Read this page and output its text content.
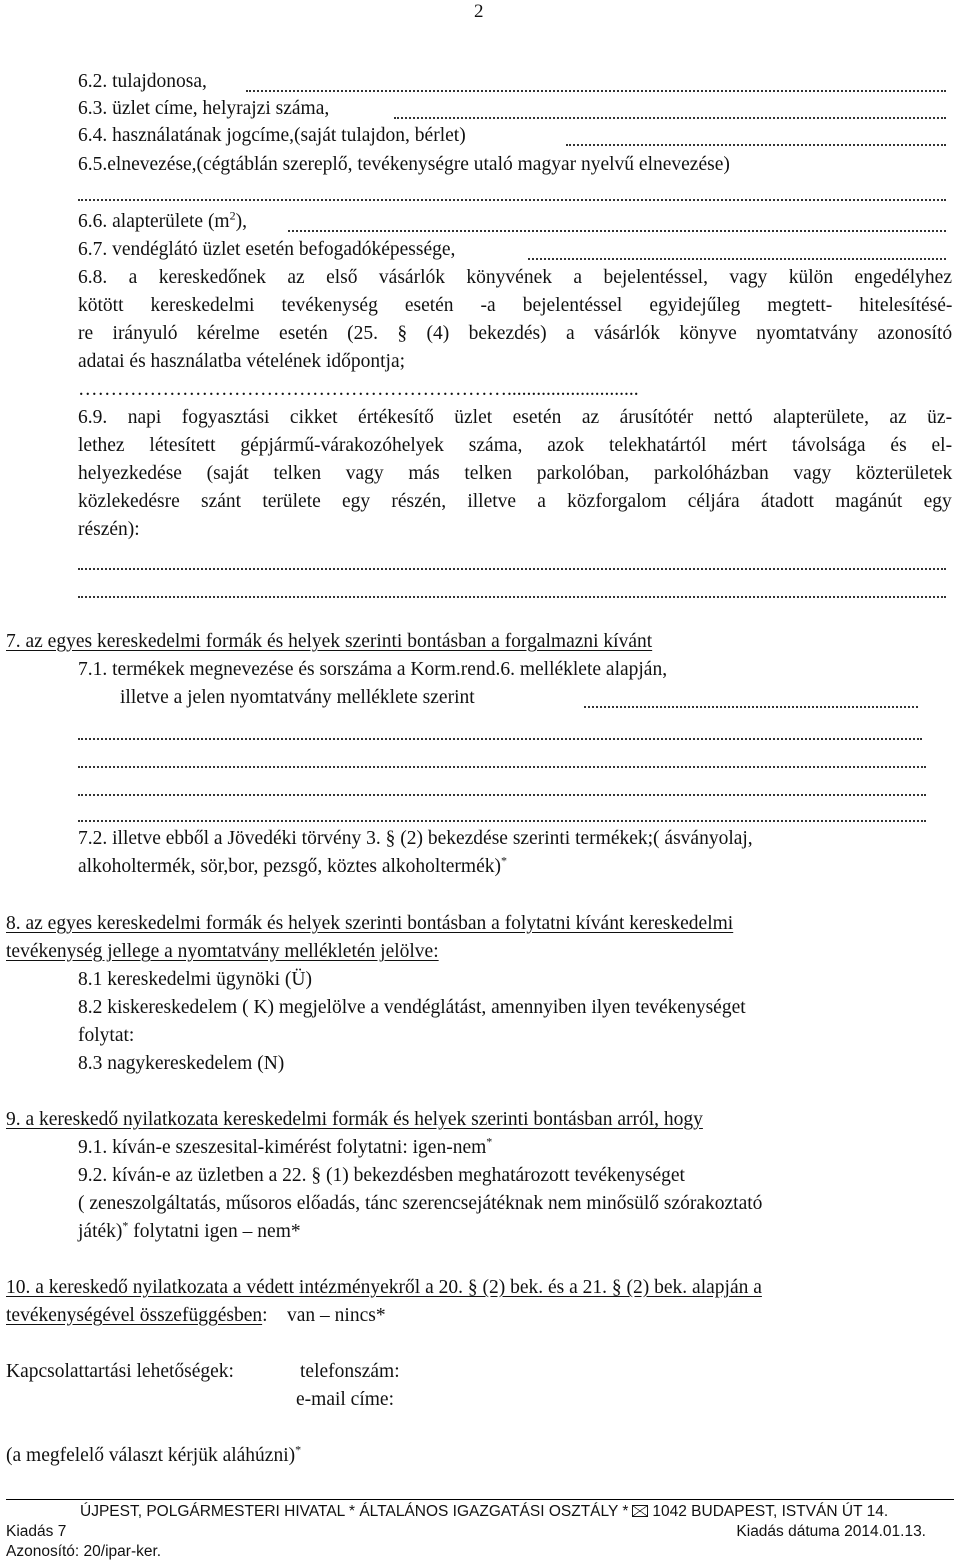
2
6.2. tulajdonosa,
6.3. üzlet címe, helyrajzi száma,
6.4. használatának jogcíme,(saját tulajdon, bérlet)
6.5.elnevezése,(cégtáblán szereplő, tevékenységre utaló magyar nyelvű elnevezése)
6.6. alapterülete $(m^2)$,
6.7. vendéglátó üzlet esetén befogadóképessége,
6.8. a kereskedőnek az első vásárlók könyvének a bejelentéssel, vagy külön engedélyhez
kötött kereskedelmi tevékenység esetén -a bejelentéssel egyidejűleg megtett- hitelesítésé-
re irányuló kérelme esetén (25. § (4) bekezdés) a vásárlók könyve nyomtatvány azonosító
adatai és használatba vételének időpontja;
…………………………………………………………...........................
6.9. napi fogyasztási cikket értékesítő üzlet esetén az árusítótér nettó alapterülete, az üz-
lethez létesített gépjármű-várakozóhelyek száma, azok telekhatártól mért távolsága és el-
helyezkedése (saját telken vagy más telken parkolóban, parkolóházban vagy közterületek
közlekedésre szánt területe egy részén, illetve a közforgalom céljára átadott magánút egy
részén):
7. az egyes kereskedelmi formák és helyek szerinti bontásban a forgalmazni kívánt
7.1. termékek megnevezése és sorszáma a Korm.rend.6. melléklete alapján,
illetve a jelen nyomtatvány melléklete szerint
7.2. illetve ebből a Jövedéki törvény 3. § (2) bekezdése szerinti termékek;( ásványolaj,
alkoholtermék, sör,bor, pezsgő, köztes alkoholtermék)*
8. az egyes kereskedelmi formák és helyek szerinti bontásban a folytatni kívánt kereskedelmi
tevékenység jellege a nyomtatvány mellékletén jelölve:
8.1 kereskedelmi ügynöki (Ü)
8.2 kiskereskedelem ( K) megjelölve a vendéglátást, amennyiben ilyen tevékenységet
folytat:
8.3 nagykereskedelem (N)
9. a kereskedő nyilatkozata kereskedelmi formák és helyek szerinti bontásban arról, hogy
9.1. kíván-e szeszesital-kimérést folytatni: igen-nem*
9.2. kíván-e az üzletben a 22. § (1) bekezdésben meghatározott tevékenységet
( zeneszolgáltatás, műsoros előadás, tánc szerencsejátéknak nem minősülő szórakoztató
játék)* folytatni igen – nem*
10. a kereskedő nyilatkozata a védett intézményekről a 20. § (2) bek. és a 21. § (2) bek. alapján a
tevékenységével összefüggésben:    van – nincs*
Kapcsolattartási lehetőségek:	telefonszám:
e-mail címe:
(a megfelelő választ kérjük aláhúzni)*
ÚJPEST, POLGÁRMESTERI HIVATAL * ÁLTALÁNOS IGAZGATÁSI OSZTÁLY * 1042 BUDAPEST, ISTVÁN ÚT 14.
Kiadás 7	Kiadás dátuma 2014.01.13.
Azonosító: 20/ipar-ker.
